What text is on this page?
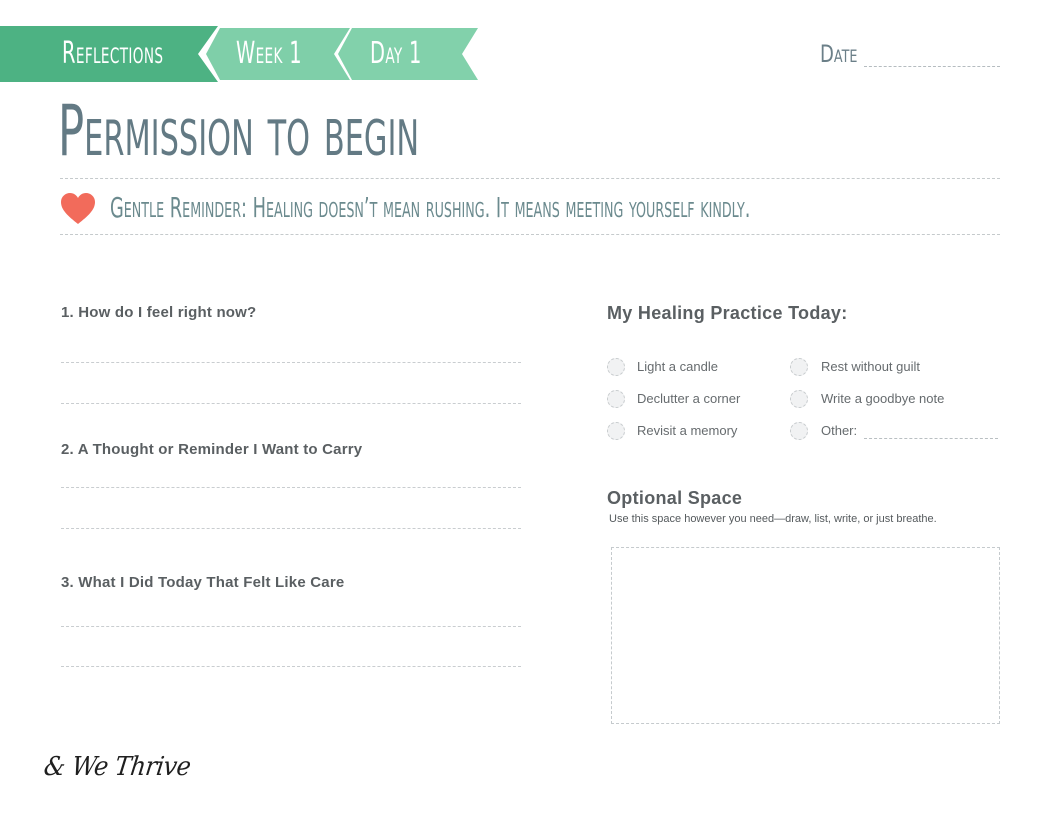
Reflections Week 1 Day 1	Date
Permission to begin
Gentle Reminder: Healing doesn’t mean rushing. It means meeting yourself kindly.
1. How do I feel right now?
2. A Thought or Reminder I Want to Carry
3. What I Did Today That Felt Like Care
My Healing Practice Today:
Light a candle	Rest without guilt
Declutter a corner	Write a goodbye note
Revisit a memory	Other:
Optional Space
Use this space however you need—draw, list, write, or just breathe.
& We Thrive
